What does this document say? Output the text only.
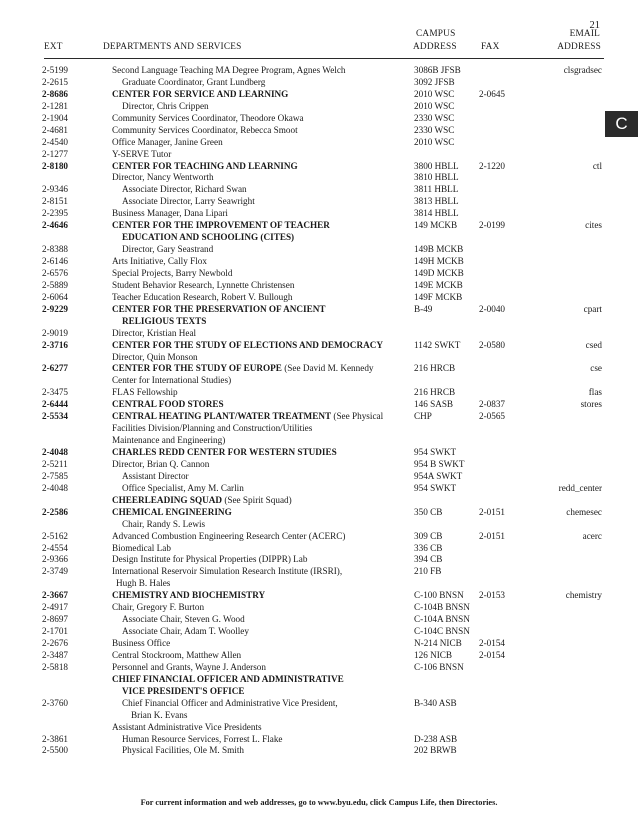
21
EXT	DEPARTMENTS AND SERVICES
CAMPUS
ADDRESS	FAX
EMAIL
ADDRESS
C
2-5199	Second Language Teaching MA Degree Program, Agnes Welch	3086B JFSB	clsgradsec
2-2615	Graduate Coordinator, Grant Lundberg	3092 JFSB
2-8686	CENTER FOR SERVICE AND LEARNING	2010 WSC	2-0645
2-1281	Director, Chris Crippen	2010 WSC
2-1904	Community Services Coordinator, Theodore Okawa	2330 WSC
2-4681	Community Services Coordinator, Rebecca Smoot	2330 WSC
2-4540	Office Manager, Janine Green	2010 WSC
2-1277	Y-SERVE Tutor
2-8180	CENTER FOR TEACHING AND LEARNING	3800 HBLL 2-1220	ctl
Director, Nancy Wentworth	3810 HBLL
2-9346	Associate Director, Richard Swan	3811 HBLL
2-8151	Associate Director, Larry Seawright	3813 HBLL
2-2395	Business Manager, Dana Lipari	3814 HBLL
2-4646	CENTER FOR THE IMPROVEMENT OF TEACHER	149 MCKB 2-0199	cites
EDUCATION AND SCHOOLING (CITES)
2-8388	Director, Gary Seastrand	149B MCKB
2-6146	Arts Initiative, Cally Flox	149H MCKB
2-6576	Special Projects, Barry Newbold	149D MCKB
2-5889	Student Behavior Research, Lynnette Christensen	149E MCKB
2-6064	Teacher Education Research, Robert V. Bullough	149F MCKB
2-9229	CENTER FOR THE PRESERVATION OF ANCIENT	B-49	2-0040	cpart
RELIGIOUS TEXTS
2-9019	Director, Kristian Heal
2-3716	CENTER FOR THE STUDY OF ELECTIONS AND DEMOCRACY	1142 SWKT 2-0580	csed
Director, Quin Monson
2-6277	CENTER FOR THE STUDY OF EUROPE (See David M. Kennedy	216 HRCB	cse
Center for International Studies)
2-3475	FLAS Fellowship	216 HRCB	flas
2-6444	CENTRAL FOOD STORES	146 SASB	2-0837	stores
2-5534	CENTRAL HEATING PLANT/WATER TREATMENT (See Physical	CHP	2-0565
Facilities Division/Planning and Construction/Utilities
Maintenance and Engineering)
2-4048	CHARLES REDD CENTER FOR WESTERN STUDIES	954 SWKT
2-5211	Director, Brian Q. Cannon	954 B SWKT
2-7585	Assistant Director	954A SWKT
2-4048	Office Specialist, Amy M. Carlin	954 SWKT	redd_center
CHEERLEADING SQUAD (See Spirit Squad)
2-2586	CHEMICAL ENGINEERING	350 CB	2-0151	chemesec
Chair, Randy S. Lewis
2-5162	Advanced Combustion Engineering Research Center (ACERC)	309 CB	2-0151	acerc
2-4554	Biomedical Lab	336 CB
2-9366	Design Institute for Physical Properties (DIPPR) Lab	394 CB
2-3749	International Reservoir Simulation Research Institute (IRSRI),	210 FB
Hugh B. Hales
2-3667	CHEMISTRY AND BIOCHEMISTRY	C-100 BNSN 2-0153	chemistry
2-4917	Chair, Gregory F. Burton	C-104B BNSN
2-8697	Associate Chair, Steven G. Wood	C-104A BNSN
2-1701	Associate Chair, Adam T. Woolley	C-104C BNSN
2-2676	Business Office	N-214 NICB 2-0154
2-3487	Central Stockroom, Matthew Allen	126 NICB	2-0154
2-5818	Personnel and Grants, Wayne J. Anderson	C-106 BNSN
CHIEF FINANCIAL OFFICER AND ADMINISTRATIVE
VICE PRESIDENT'S OFFICE
2-3760	Chief Financial Officer and Administrative Vice President,	B-340 ASB
Brian K. Evans
Assistant Administrative Vice Presidents
2-3861	Human Resource Services, Forrest L. Flake	D-238 ASB
2-5500	Physical Facilities, Ole M. Smith	202 BRWB
For current information and web addresses, go to www.byu.edu, click Campus Life, then Directories.
